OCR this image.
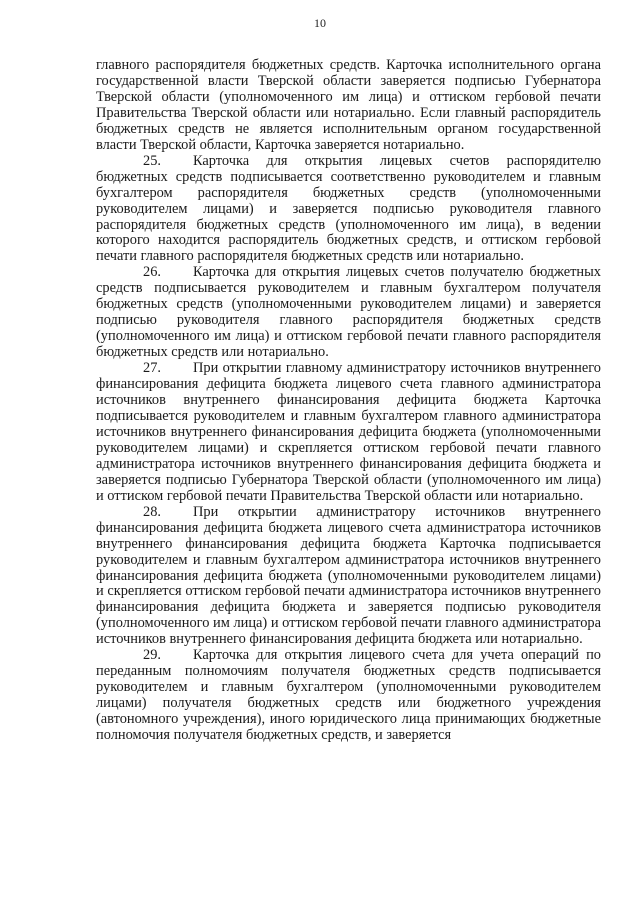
10

главного распорядителя бюджетных средств. Карточка исполнительного органа государственной власти Тверской области заверяется подписью Губернатора Тверской области (уполномоченного им лица) и оттиском гербовой печати Правительства Тверской области или нотариально. Если главный распорядитель бюджетных средств не является исполнительным органом государственной власти Тверской области, Карточка заверяется нотариально.

25. Карточка для открытия лицевых счетов распорядителю бюджетных средств подписывается соответственно руководителем и главным бухгалтером распорядителя бюджетных средств (уполномоченными руководителем лицами) и заверяется подписью руководителя главного распорядителя бюджетных средств (уполномоченного им лица), в ведении которого находится распорядитель бюджетных средств, и оттиском гербовой печати главного распорядителя бюджетных средств или нотариально.

26. Карточка для открытия лицевых счетов получателю бюджетных средств подписывается руководителем и главным бухгалтером получателя бюджетных средств (уполномоченными руководителем лицами) и заверяется подписью руководителя главного распорядителя бюджетных средств (уполномоченного им лица) и оттиском гербовой печати главного распорядителя бюджетных средств или нотариально.

27. При открытии главному администратору источников внутреннего финансирования дефицита бюджета лицевого счета главного администратора источников внутреннего финансирования дефицита бюджета Карточка подписывается руководителем и главным бухгалтером главного администратора источников внутреннего финансирования дефицита бюджета (уполномоченными руководителем лицами) и скрепляется оттиском гербовой печати главного администратора источников внутреннего финансирования дефицита бюджета и заверяется подписью Губернатора Тверской области (уполномоченного им лица) и оттиском гербовой печати Правительства Тверской области или нотариально.

28. При открытии администратору источников внутреннего финансирования дефицита бюджета лицевого счета администратора источников внутреннего финансирования дефицита бюджета Карточка подписывается руководителем и главным бухгалтером администратора источников внутреннего финансирования дефицита бюджета (уполномоченными руководителем лицами) и скрепляется оттиском гербовой печати администратора источников внутреннего финансирования дефицита бюджета и заверяется подписью руководителя (уполномоченного им лица) и оттиском гербовой печати главного администратора источников внутреннего финансирования дефицита бюджета или нотариально.

29. Карточка для открытия лицевого счета для учета операций по переданным полномочиям получателя бюджетных средств подписывается руководителем и главным бухгалтером (уполномоченными руководителем лицами) получателя бюджетных средств или бюджетного учреждения (автономного учреждения), иного юридического лица принимающих бюджетные полномочия получателя бюджетных средств, и заверяется
